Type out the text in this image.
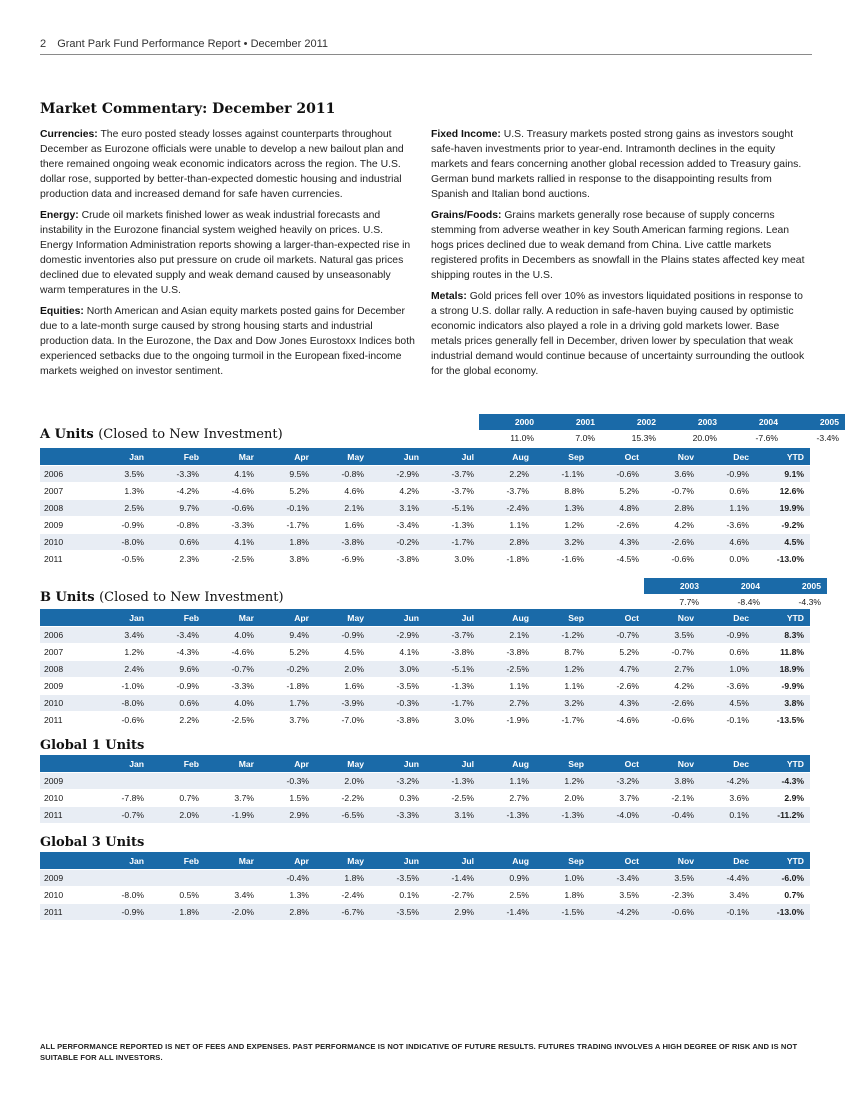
2 Grant Park Fund Performance Report • December 2011
Market Commentary: December 2011

Currencies: The euro posted steady losses against counterparts throughout December as Eurozone officials were unable to develop a new bailout plan and there remained ongoing weak economic indicators across the region. The U.S. dollar rose, supported by better-than-expected domestic housing and industrial production data and increased demand for safe haven currencies.

Energy: Crude oil markets finished lower as weak industrial forecasts and instability in the Eurozone financial system weighed heavily on prices. U.S. Energy Information Administration reports showing a larger-than-expected rise in domestic inventories also put pressure on crude oil markets. Natural gas prices declined due to elevated supply and weak demand caused by unseasonably warm temperatures in the U.S.

Equities: North American and Asian equity markets posted gains for December due to a late-month surge caused by strong housing starts and industrial production data. In the Eurozone, the Dax and Dow Jones Eurostoxx Indices both experienced setbacks due to the ongoing turmoil in the European fixed-income markets weighed on investor sentiment.

Fixed Income: U.S. Treasury markets posted strong gains as investors sought safe-haven investments prior to year-end. Intramonth declines in the equity markets and fears concerning another global recession added to Treasury gains. German bund markets rallied in response to the disappointing results from Spanish and Italian bond auctions.

Grains/Foods: Grains markets generally rose because of supply concerns stemming from adverse weather in key South American farming regions. Lean hogs prices declined due to weak demand from China. Live cattle markets registered profits in Decembers as snowfall in the Plains states affected key meat shipping routes in the U.S.

Metals: Gold prices fell over 10% as investors liquidated positions in response to a strong U.S. dollar rally. A reduction in safe-haven buying caused by optimistic economic indicators also played a role in a driving gold markets lower. Base metals prices generally fell in December, driven lower by speculation that weak industrial demand would continue because of uncertainty surrounding the outlook for the global economy.

2000	2001	2002	2003	2004	2005
11.0%	7.0%	15.3%	20.0%	-7.6%	-3.4%
A Units (Closed to New Investment)
	Jan	Feb	Mar	Apr	May	Jun	Jul	Aug	Sep	Oct	Nov	Dec	YTD
2006	3.5%	-3.3%	4.1%	9.5%	-0.8%	-2.9%	-3.7%	2.2%	-1.1%	-0.6%	3.6%	-0.9%	9.1%
2007	1.3%	-4.2%	-4.6%	5.2%	4.6%	4.2%	-3.7%	-3.7%	8.8%	5.2%	-0.7%	0.6%	12.6%
2008	2.5%	9.7%	-0.6%	-0.1%	2.1%	3.1%	-5.1%	-2.4%	1.3%	4.8%	2.8%	1.1%	19.9%
2009	-0.9%	-0.8%	-3.3%	-1.7%	1.6%	-3.4%	-1.3%	1.1%	1.2%	-2.6%	4.2%	-3.6%	-9.2%
2010	-8.0%	0.6%	4.1%	1.8%	-3.8%	-0.2%	-1.7%	2.8%	3.2%	4.3%	-2.6%	4.6%	4.5%
2011	-0.5%	2.3%	-2.5%	3.8%	-6.9%	-3.8%	3.0%	-1.8%	-1.6%	-4.5%	-0.6%	0.0%	-13.0%
2003	2004	2005
7.7%	-8.4%	-4.3%
B Units (Closed to New Investment)
	Jan	Feb	Mar	Apr	May	Jun	Jul	Aug	Sep	Oct	Nov	Dec	YTD
2006	3.4%	-3.4%	4.0%	9.4%	-0.9%	-2.9%	-3.7%	2.1%	-1.2%	-0.7%	3.5%	-0.9%	8.3%
2007	1.2%	-4.3%	-4.6%	5.2%	4.5%	4.1%	-3.8%	-3.8%	8.7%	5.2%	-0.7%	0.6%	11.8%
2008	2.4%	9.6%	-0.7%	-0.2%	2.0%	3.0%	-5.1%	-2.5%	1.2%	4.7%	2.7%	1.0%	18.9%
2009	-1.0%	-0.9%	-3.3%	-1.8%	1.6%	-3.5%	-1.3%	1.1%	1.1%	-2.6%	4.2%	-3.6%	-9.9%
2010	-8.0%	0.6%	4.0%	1.7%	-3.9%	-0.3%	-1.7%	2.7%	3.2%	4.3%	-2.6%	4.5%	3.8%
2011	-0.6%	2.2%	-2.5%	3.7%	-7.0%	-3.8%	3.0%	-1.9%	-1.7%	-4.6%	-0.6%	-0.1%	-13.5%
Global 1 Units
	Jan	Feb	Mar	Apr	May	Jun	Jul	Aug	Sep	Oct	Nov	Dec	YTD
2009				-0.3%	2.0%	-3.2%	-1.3%	1.1%	1.2%	-3.2%	3.8%	-4.2%	-4.3%
2010	-7.8%	0.7%	3.7%	1.5%	-2.2%	0.3%	-2.5%	2.7%	2.0%	3.7%	-2.1%	3.6%	2.9%
2011	-0.7%	2.0%	-1.9%	2.9%	-6.5%	-3.3%	3.1%	-1.3%	-1.3%	-4.0%	-0.4%	0.1%	-11.2%
Global 3 Units
	Jan	Feb	Mar	Apr	May	Jun	Jul	Aug	Sep	Oct	Nov	Dec	YTD
2009				-0.4%	1.8%	-3.5%	-1.4%	0.9%	1.0%	-3.4%	3.5%	-4.4%	-6.0%
2010	-8.0%	0.5%	3.4%	1.3%	-2.4%	0.1%	-2.7%	2.5%	1.8%	3.5%	-2.3%	3.4%	0.7%
2011	-0.9%	1.8%	-2.0%	2.8%	-6.7%	-3.5%	2.9%	-1.4%	-1.5%	-4.2%	-0.6%	-0.1%	-13.0%
ALL PERFORMANCE REPORTED IS NET OF FEES AND EXPENSES. PAST PERFORMANCE IS NOT INDICATIVE OF FUTURE RESULTS. FUTURES TRADING INVOLVES A HIGH DEGREE OF RISK AND IS NOT SUITABLE FOR ALL INVESTORS.
